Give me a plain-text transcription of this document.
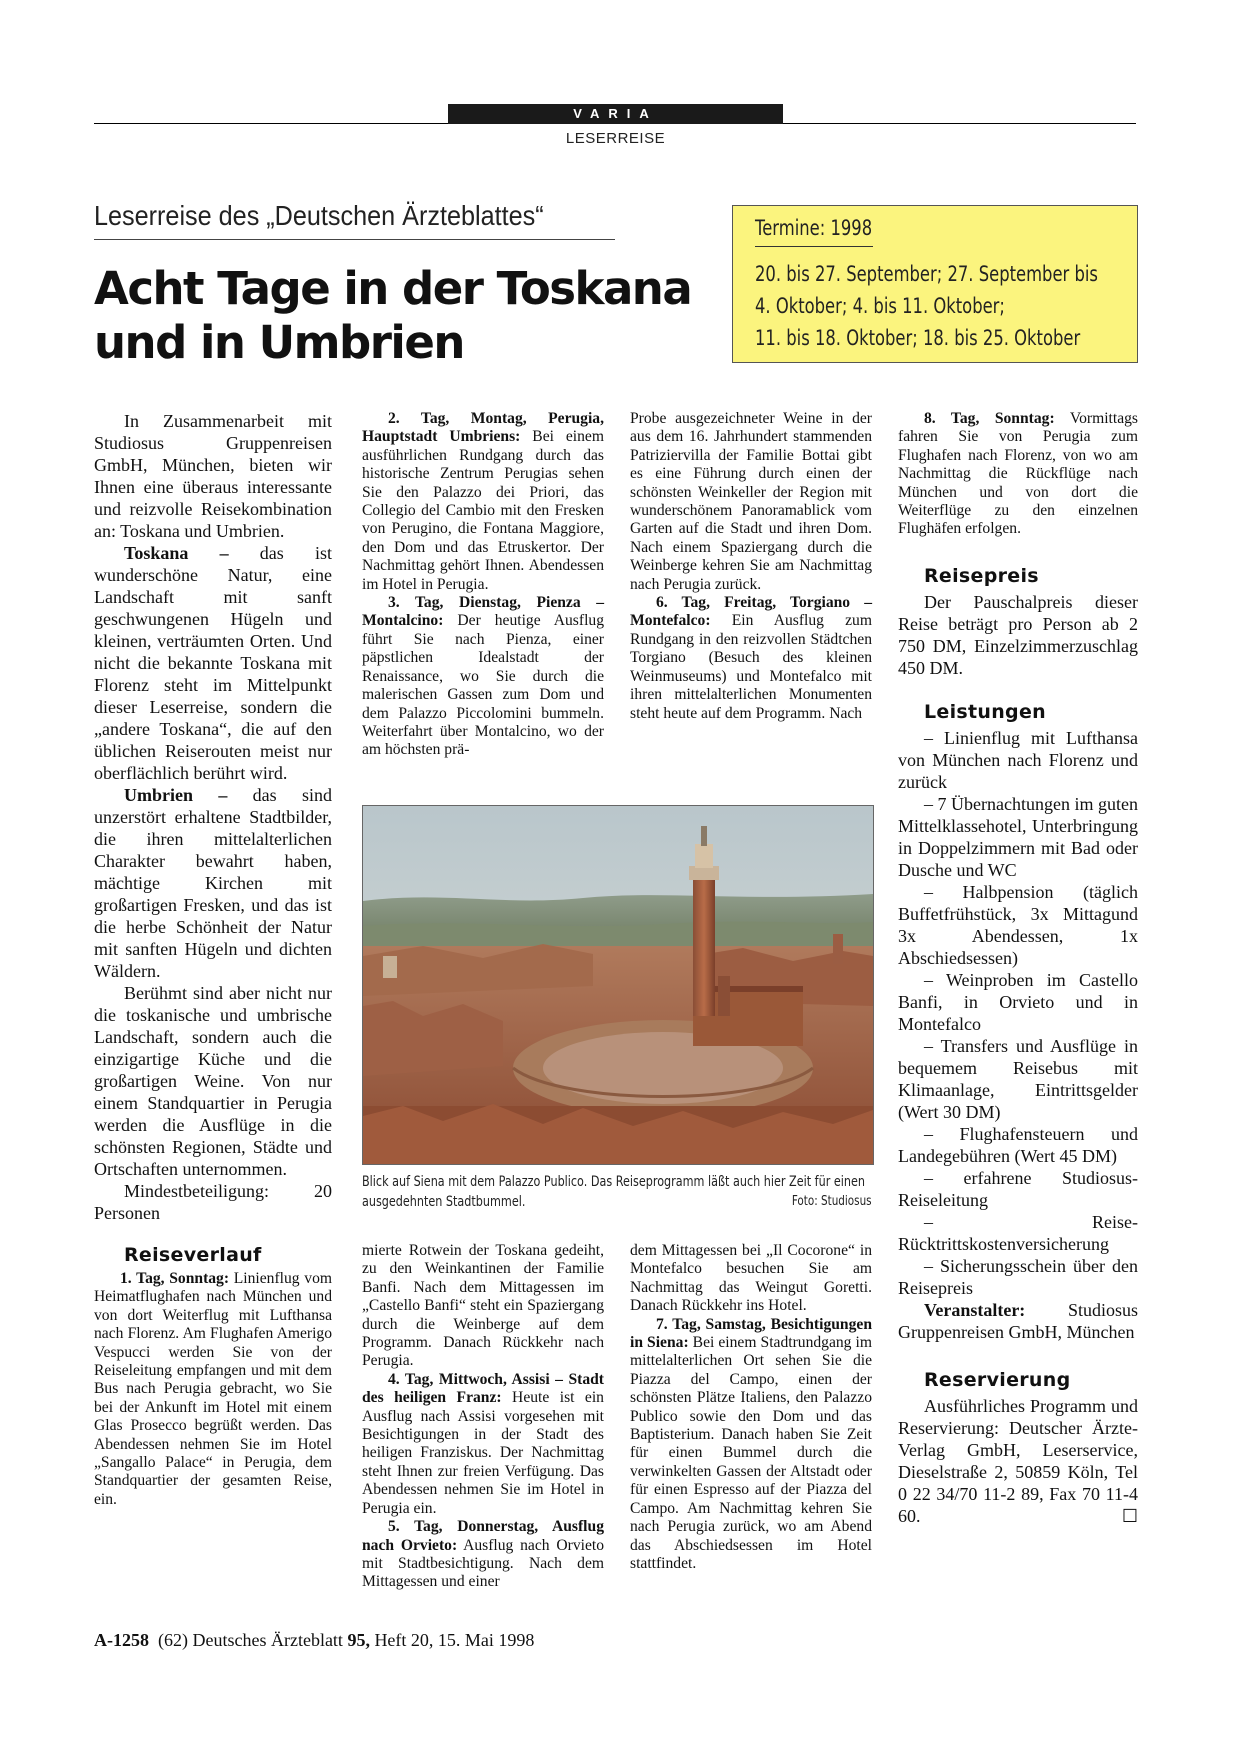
VARIA
LESERREISE
Leserreise des „Deutschen Ärzteblattes“
Acht Tage in der Toskana
und in Umbrien
Termine: 1998

20. bis 27. September; 27. September bis
4. Oktober; 4. bis 11. Oktober;
11. bis 18. Oktober; 18. bis 25. Oktober

In Zusammenarbeit mit Studiosus Gruppenreisen GmbH, München, bieten wir Ihnen eine überaus interessante und reizvolle Reisekombination an: Toskana und Umbrien.

Toskana – das ist wunderschöne Natur, eine Landschaft mit sanft geschwungenen Hügeln und kleinen, verträumten Orten. Und nicht die bekannte Toskana mit Florenz steht im Mittelpunkt dieser Leserreise, sondern die „andere Toskana“, die auf den üblichen Reiserouten meist nur oberflächlich berührt wird.

Umbrien – das sind unzerstört erhaltene Stadtbilder, die ihren mittelalterlichen Charakter bewahrt haben, mächtige Kirchen mit großartigen Fresken, und das ist die herbe Schönheit der Natur mit sanften Hügeln und dichten Wäldern.

Berühmt sind aber nicht nur die toskanische und umbrische Landschaft, sondern auch die einzigartige Küche und die großartigen Weine. Von nur einem Standquartier in Perugia werden die Ausflüge in die schönsten Regionen, Städte und Ortschaften unternommen.

Mindestbeteiligung: 20 Personen

Reiseverlauf

1. Tag, Sonntag: Linienflug vom Heimatflughafen nach München und von dort Weiterflug mit Lufthansa nach Florenz. Am Flughafen Amerigo Vespucci werden Sie von der Reiseleitung empfangen und mit dem Bus nach Perugia gebracht, wo Sie bei der Ankunft im Hotel mit einem Glas Prosecco begrüßt werden. Das Abendessen nehmen Sie im Hotel „Sangallo Palace“ in Perugia, dem Standquartier der gesamten Reise, ein.

2. Tag, Montag, Perugia, Hauptstadt Umbriens: Bei einem ausführlichen Rundgang durch das historische Zentrum Perugias sehen Sie den Palazzo dei Priori, das Collegio del Cambio mit den Fresken von Perugino, die Fontana Maggiore, den Dom und das Etruskertor. Der Nachmittag gehört Ihnen. Abendessen im Hotel in Perugia.

3. Tag, Dienstag, Pienza – Montalcino: Der heutige Ausflug führt Sie nach Pienza, einer päpstlichen Idealstadt der Renaissance, wo Sie durch die malerischen Gassen zum Dom und dem Palazzo Piccolomini bummeln. Weiterfahrt über Montalcino, wo der am höchsten prä-

Probe ausgezeichneter Weine in der aus dem 16. Jahrhundert stammenden Patriziervilla der Familie Bottai gibt es eine Führung durch einen der schönsten Weinkeller der Region mit wunderschönem Panoramablick vom Garten auf die Stadt und ihren Dom. Nach einem Spaziergang durch die Weinberge kehren Sie am Nachmittag nach Perugia zurück.

6. Tag, Freitag, Torgiano – Montefalco: Ein Ausflug zum Rundgang in den reizvollen Städtchen Torgiano (Besuch des kleinen Weinmuseums) und Montefalco mit ihren mittelalterlichen Monumenten steht heute auf dem Programm. Nach

Blick auf Siena mit dem Palazzo Publico. Das Reiseprogramm läßt auch hier Zeit für einen ausgedehnten Stadtbummel.	Foto: Studiosus

mierte Rotwein der Toskana gedeiht, zu den Weinkantinen der Familie Banfi. Nach dem Mittagessen im „Castello Banfi“ steht ein Spaziergang durch die Weinberge auf dem Programm. Danach Rückkehr nach Perugia.

4. Tag, Mittwoch, Assisi – Stadt des heiligen Franz: Heute ist ein Ausflug nach Assisi vorgesehen mit Besichtigungen in der Stadt des heiligen Franziskus. Der Nachmittag steht Ihnen zur freien Verfügung. Das Abendessen nehmen Sie im Hotel in Perugia ein.

5. Tag, Donnerstag, Ausflug nach Orvieto: Ausflug nach Orvieto mit Stadtbesichtigung. Nach dem Mittagessen und einer

dem Mittagessen bei „Il Cocorone“ in Montefalco besuchen Sie am Nachmittag das Weingut Goretti. Danach Rückkehr ins Hotel.

7. Tag, Samstag, Besichtigungen in Siena: Bei einem Stadtrundgang im mittelalterlichen Ort sehen Sie die Piazza del Campo, einen der schönsten Plätze Italiens, den Palazzo Publico sowie den Dom und das Baptisterium. Danach haben Sie Zeit für einen Bummel durch die verwinkelten Gassen der Altstadt oder für einen Espresso auf der Piazza del Campo. Am Nachmittag kehren Sie nach Perugia zurück, wo am Abend das Abschiedsessen im Hotel stattfindet.

8. Tag, Sonntag: Vormittags fahren Sie von Perugia zum Flughafen nach Florenz, von wo am Nachmittag die Rückflüge nach München und von dort die Weiterflüge zu den einzelnen Flughäfen erfolgen.

Reisepreis

Der Pauschalpreis dieser Reise beträgt pro Person ab 2 750 DM, Einzelzimmerzuschlag 450 DM.

Leistungen

– Linienflug mit Lufthansa von München nach Florenz und zurück

– 7 Übernachtungen im guten Mittelklassehotel, Unterbringung in Doppelzimmern mit Bad oder Dusche und WC

– Halbpension (täglich Buffetfrühstück, 3x Mittagund 3x Abendessen, 1x Abschiedsessen)

– Weinproben im Castello Banfi, in Orvieto und in Montefalco

– Transfers und Ausflüge in bequemem Reisebus mit Klimaanlage, Eintrittsgelder (Wert 30 DM)

– Flughafensteuern und Landegebühren (Wert 45 DM)

– erfahrene Studiosus-Reiseleitung

– Reise-Rücktrittskostenversicherung

– Sicherungsschein über den Reisepreis

Veranstalter: Studiosus Gruppenreisen GmbH, München

Reservierung

Ausführliches Programm und Reservierung: Deutscher Ärzte-Verlag GmbH, Leserservice, Dieselstraße 2, 50859 Köln, Tel 0 22 34/70 11-2 89, Fax 70 11-4 60.	☐

A-1258 (62) Deutsches Ärzteblatt 95, Heft 20, 15. Mai 1998
